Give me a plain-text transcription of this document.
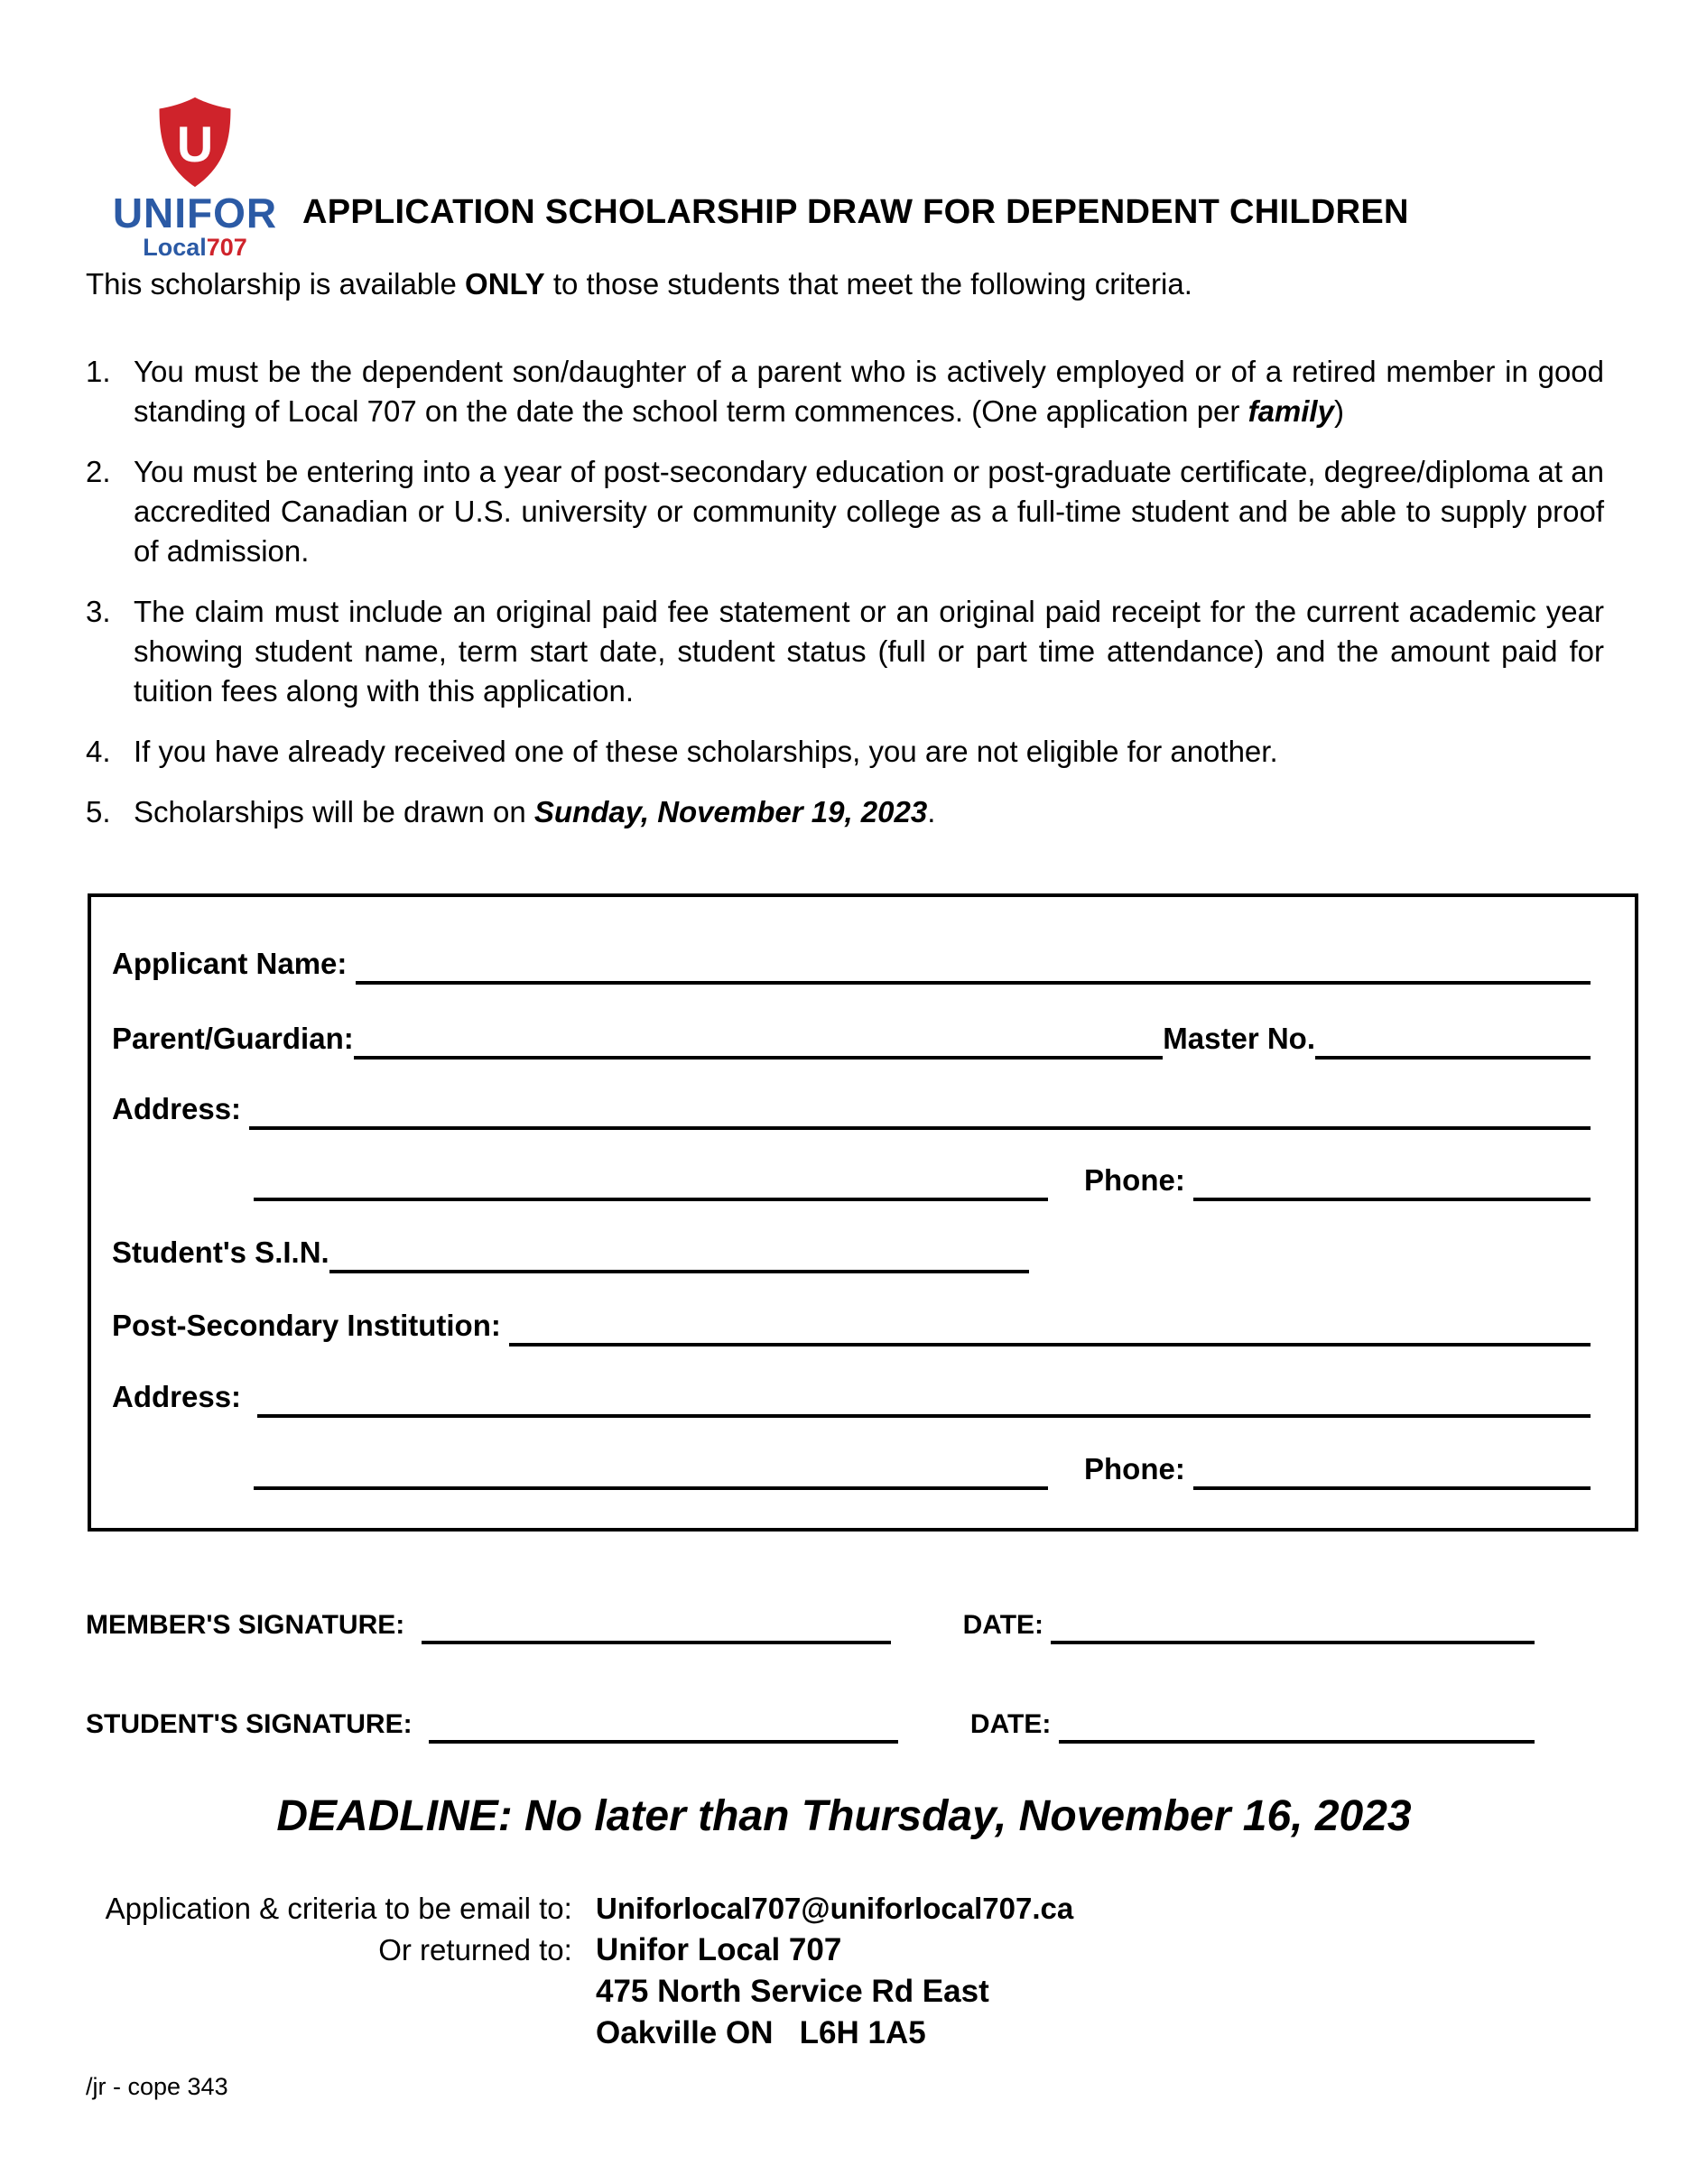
U
UNIFOR
Local707
APPLICATION SCHOLARSHIP DRAW FOR DEPENDENT CHILDREN
This scholarship is available ONLY to those students that meet the following criteria.
1. You must be the dependent son/daughter of a parent who is actively employed or of a retired member in good standing of Local 707 on the date the school term commences. (One application per family)
2. You must be entering into a year of post-secondary education or post-graduate certificate, degree/diploma at an accredited Canadian or U.S. university or community college as a full-time student and be able to supply proof of admission.
3. The claim must include an original paid fee statement or an original paid receipt for the current academic year showing student name, term start date, student status (full or part time attendance) and the amount paid for tuition fees along with this application.
4. If you have already received one of these scholarships, you are not eligible for another.
5. Scholarships will be drawn on Sunday, November 19, 2023.
Applicant Name:
Parent/Guardian:	Master No.
Address:
Phone:
Student's S.I.N.
Post-Secondary Institution:
Address:
Phone:
MEMBER'S SIGNATURE:	DATE:
STUDENT'S SIGNATURE:	DATE:
DEADLINE: No later than Thursday, November 16, 2023
Application & criteria to be email to: Uniforlocal707@uniforlocal707.ca
Or returned to: Unifor Local 707
475 North Service Rd East
Oakville ON   L6H 1A5
/jr - cope 343
